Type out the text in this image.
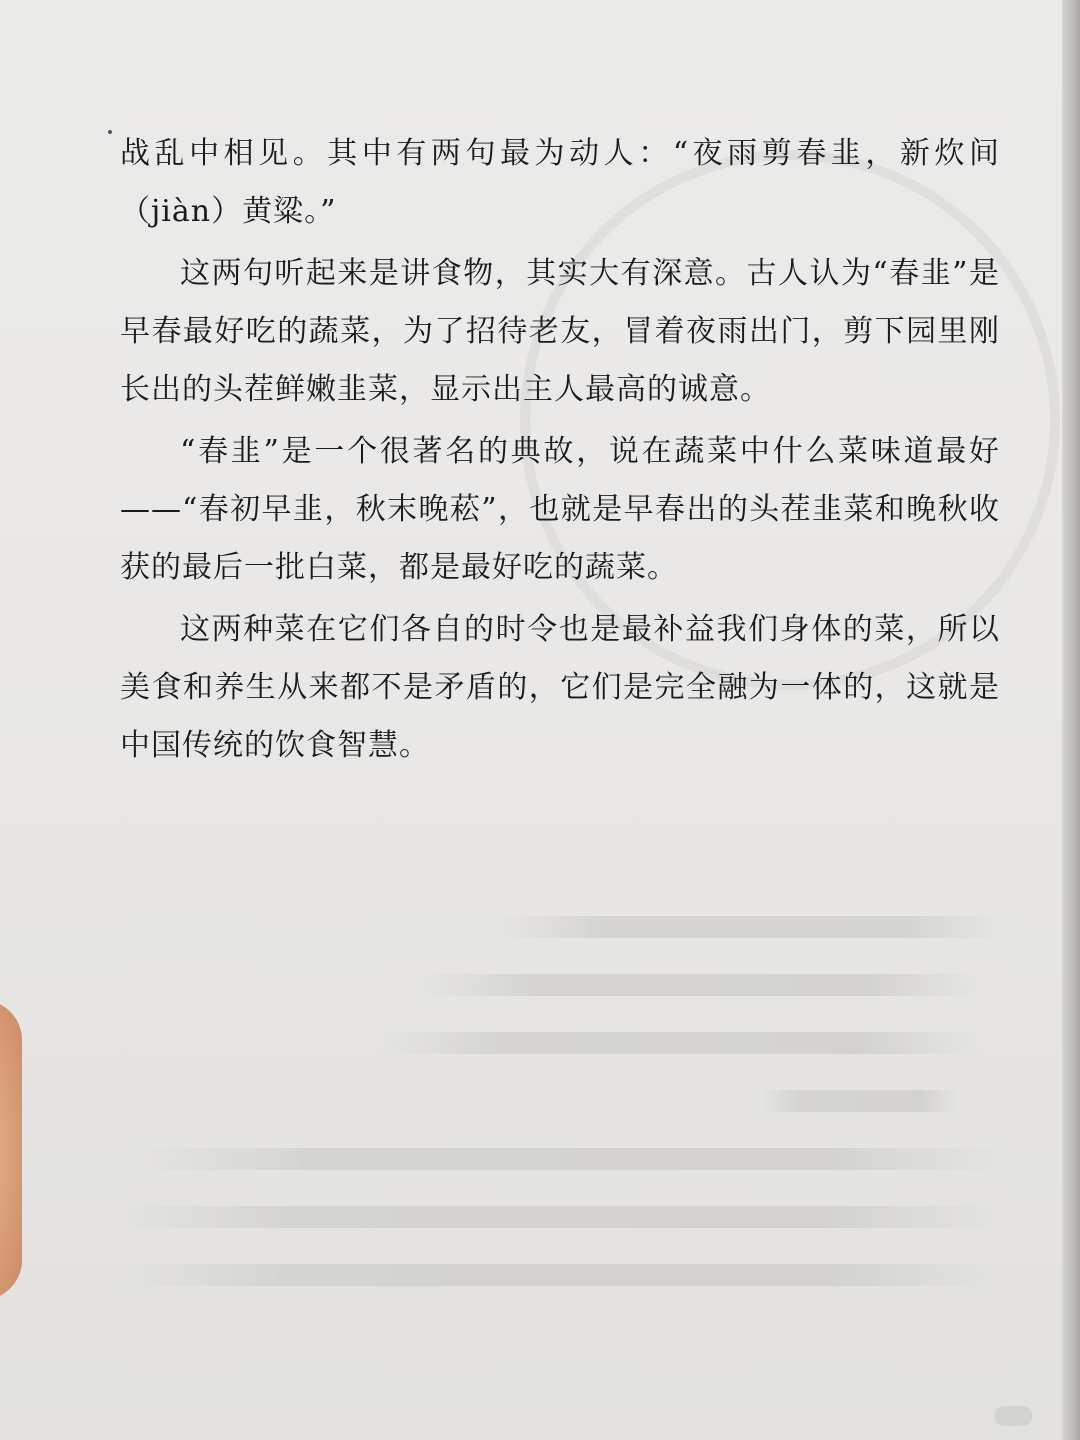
战乱中相见。其中有两句最为动人：“夜雨剪春韭，新炊间（jiàn）黄粱。”

这两句听起来是讲食物，其实大有深意。古人认为“春韭”是早春最好吃的蔬菜，为了招待老友，冒着夜雨出门，剪下园里刚长出的头茬鲜嫩韭菜，显示出主人最高的诚意。

“春韭”是一个很著名的典故，说在蔬菜中什么菜味道最好——“春初早韭，秋末晚菘”，也就是早春出的头茬韭菜和晚秋收获的最后一批白菜，都是最好吃的蔬菜。

这两种菜在它们各自的时令也是最补益我们身体的菜，所以美食和养生从来都不是矛盾的，它们是完全融为一体的，这就是中国传统的饮食智慧。
